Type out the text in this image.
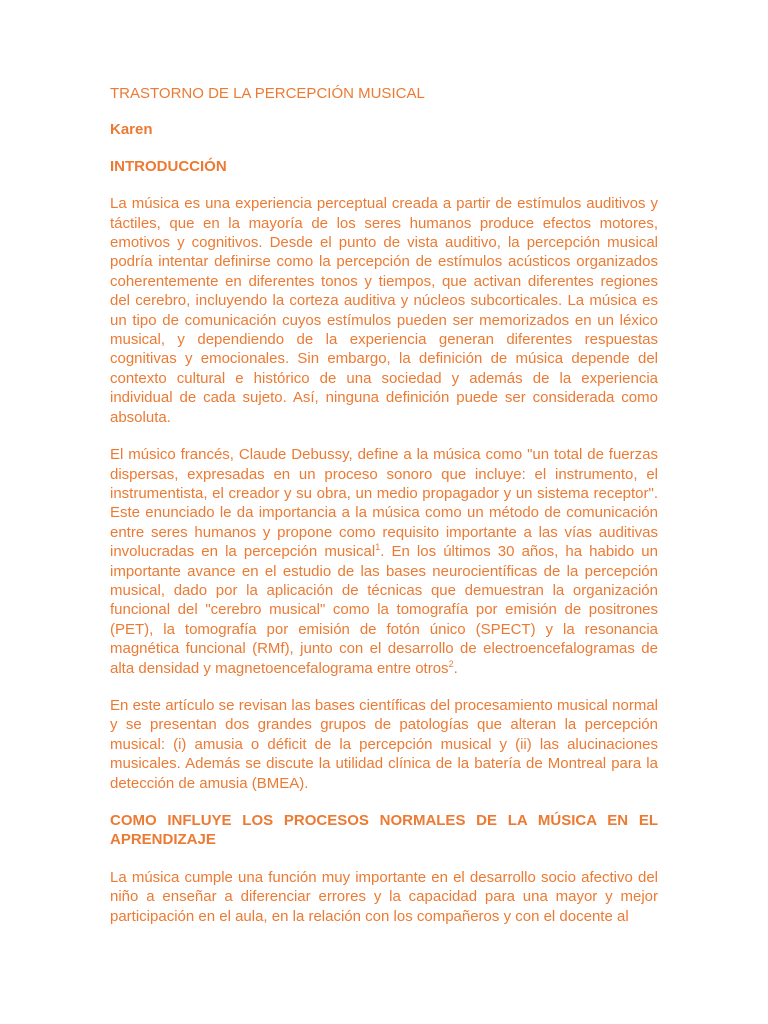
TRASTORNO DE LA PERCEPCIÓN MUSICAL
Karen
INTRODUCCIÓN
La música es una experiencia perceptual creada a partir de estímulos auditivos y táctiles, que en la mayoría de los seres humanos produce efectos motores, emotivos y cognitivos. Desde el punto de vista auditivo, la percepción musical podría intentar definirse como la percepción de estímulos acústicos organizados coherentemente en diferentes tonos y tiempos, que activan diferentes regiones del cerebro, incluyendo la corteza auditiva y núcleos subcorticales. La música es un tipo de comunicación cuyos estímulos pueden ser memorizados en un léxico musical, y dependiendo de la experiencia generan diferentes respuestas cognitivas y emocionales. Sin embargo, la definición de música depende del contexto cultural e histórico de una sociedad y además de la experiencia individual de cada sujeto. Así, ninguna definición puede ser considerada como absoluta.
El músico francés, Claude Debussy, define a la música como "un total de fuerzas dispersas, expresadas en un proceso sonoro que incluye: el instrumento, el instrumentista, el creador y su obra, un medio propagador y un sistema receptor". Este enunciado le da importancia a la música como un método de comunicación entre seres humanos y propone como requisito importante a las vías auditivas involucradas en la percepción musical$^1$. En los últimos 30 años, ha habido un importante avance en el estudio de las bases neurocientíficas de la percepción musical, dado por la aplicación de técnicas que demuestran la organización funcional del "cerebro musical" como la tomografía por emisión de positrones (PET), la tomografía por emisión de fotón único (SPECT) y la resonancia magnética funcional (RMf), junto con el desarrollo de electroencefalogramas de alta densidad y magnetoencefalograma entre otros$^2$.
En este artículo se revisan las bases científicas del procesamiento musical normal y se presentan dos grandes grupos de patologías que alteran la percepción musical: (i) amusia o déficit de la percepción musical y (ii) las alucinaciones musicales. Además se discute la utilidad clínica de la batería de Montreal para la detección de amusia (BMEA).
COMO INFLUYE LOS PROCESOS NORMALES DE LA MÚSICA EN EL APRENDIZAJE
La música cumple una función muy importante en el desarrollo socio afectivo del niño a enseñar a diferenciar errores y la capacidad para una mayor y mejor participación en el aula, en la relación con los compañeros y con el docente al
